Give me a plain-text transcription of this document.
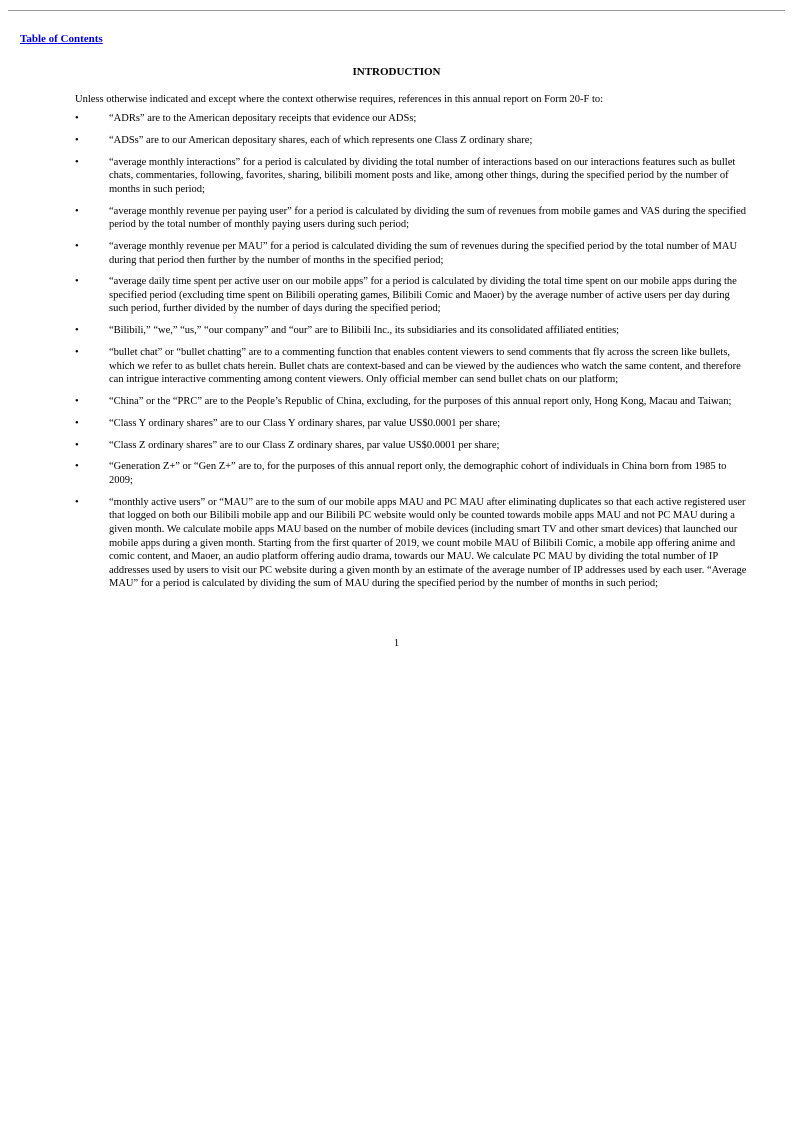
Table of Contents
INTRODUCTION
Unless otherwise indicated and except where the context otherwise requires, references in this annual report on Form 20-F to:
•	“ADRs” are to the American depositary receipts that evidence our ADSs;
•	“ADSs” are to our American depositary shares, each of which represents one Class Z ordinary share;
•	“average monthly interactions” for a period is calculated by dividing the total number of interactions based on our interactions features such as bullet chats, commentaries, following, favorites, sharing, bilibili moment posts and like, among other things, during the specified period by the number of months in such period;
•	“average monthly revenue per paying user” for a period is calculated by dividing the sum of revenues from mobile games and VAS during the specified period by the total number of monthly paying users during such period;
•	“average monthly revenue per MAU” for a period is calculated dividing the sum of revenues during the specified period by the total number of MAU during that period then further by the number of months in the specified period;
•	“average daily time spent per active user on our mobile apps” for a period is calculated by dividing the total time spent on our mobile apps during the specified period (excluding time spent on Bilibili operating games, Bilibili Comic and Maoer) by the average number of active users per day during such period, further divided by the number of days during the specified period;
•	“Bilibili,” “we,” “us,” “our company” and “our” are to Bilibili Inc., its subsidiaries and its consolidated affiliated entities;
•	“bullet chat” or “bullet chatting” are to a commenting function that enables content viewers to send comments that fly across the screen like bullets, which we refer to as bullet chats herein. Bullet chats are context-based and can be viewed by the audiences who watch the same content, and therefore can intrigue interactive commenting among content viewers. Only official member can send bullet chats on our platform;
•	“China” or the “PRC” are to the People’s Republic of China, excluding, for the purposes of this annual report only, Hong Kong, Macau and Taiwan;
•	“Class Y ordinary shares” are to our Class Y ordinary shares, par value US$0.0001 per share;
•	“Class Z ordinary shares” are to our Class Z ordinary shares, par value US$0.0001 per share;
•	“Generation Z+” or “Gen Z+” are to, for the purposes of this annual report only, the demographic cohort of individuals in China born from 1985 to 2009;
•	“monthly active users” or “MAU” are to the sum of our mobile apps MAU and PC MAU after eliminating duplicates so that each active registered user that logged on both our Bilibili mobile app and our Bilibili PC website would only be counted towards mobile apps MAU and not PC MAU during a given month. We calculate mobile apps MAU based on the number of mobile devices (including smart TV and other smart devices) that launched our mobile apps during a given month. Starting from the first quarter of 2019, we count mobile MAU of Bilibili Comic, a mobile app offering anime and comic content, and Maoer, an audio platform offering audio drama, towards our MAU. We calculate PC MAU by dividing the total number of IP addresses used by users to visit our PC website during a given month by an estimate of the average number of IP addresses used by each user. “Average MAU” for a period is calculated by dividing the sum of MAU during the specified period by the number of months in such period;
1
